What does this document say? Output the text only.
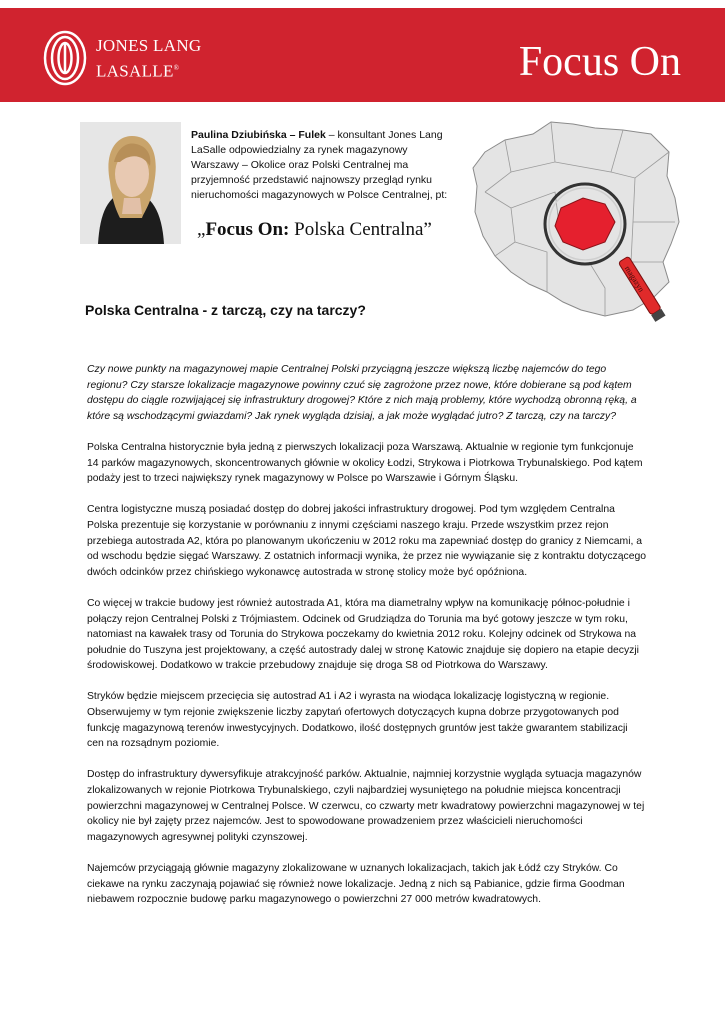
JONES LANG
LASALLE®	Focus On
Paulina Dziubińska – Fulek – konsultant Jones Lang LaSalle odpowiedzialny za rynek magazynowy Warszawy – Okolice oraz Polski Centralnej ma przyjemność przedstawić najnowszy przegląd rynku nieruchomości magazynowych w Polsce Centralnej, pt:
„Focus On: Polska Centralna”
magazyn
Polska Centralna - z tarczą, czy na tarczy?

Czy nowe punkty na magazynowej mapie Centralnej Polski przyciągną jeszcze większą liczbę najemców do tego regionu? Czy starsze lokalizacje magazynowe powinny czuć się zagrożone przez nowe, które dobierane są pod kątem dostępu do ciągle rozwijającej się infrastruktury drogowej? Które z nich mają problemy, które wychodzą obronną ręką, a które są wschodzącymi gwiazdami? Jak rynek wygląda dzisiaj, a jak może wyglądać jutro? Z tarczą, czy na tarczy?

Polska Centralna historycznie była jedną z pierwszych lokalizacji poza Warszawą. Aktualnie w regionie tym funkcjonuje 14 parków magazynowych, skoncentrowanych głównie w okolicy Łodzi, Strykowa i Piotrkowa Trybunalskiego. Pod kątem podaży jest to trzeci największy rynek magazynowy w Polsce po Warszawie i Górnym Śląsku.

Centra logistyczne muszą posiadać dostęp do dobrej jakości infrastruktury drogowej. Pod tym względem Centralna Polska prezentuje się korzystanie w porównaniu z innymi częściami naszego kraju. Przede wszystkim przez rejon przebiega autostrada A2, która po planowanym ukończeniu w 2012 roku ma zapewniać dostęp do granicy z Niemcami, a od wschodu będzie sięgać Warszawy. Z ostatnich informacji wynika, że przez nie wywiązanie się z kontraktu dotyczącego dwóch odcinków przez chińskiego wykonawcę autostrada w stronę stolicy może być opóźniona.

Co więcej w trakcie budowy jest również autostrada A1, która ma diametralny wpływ na komunikację północ-południe i połączy rejon Centralnej Polski z Trójmiastem. Odcinek od Grudziądza do Torunia ma być gotowy jeszcze w tym roku, natomiast na kawałek trasy od Torunia do Strykowa poczekamy do kwietnia 2012 roku. Kolejny odcinek od Strykowa na południe do Tuszyna jest projektowany, a część autostrady dalej w stronę Katowic znajduje się dopiero na etapie decyzji środowiskowej. Dodatkowo w trakcie przebudowy znajduje się droga S8 od Piotrkowa do Warszawy.

Stryków będzie miejscem przecięcia się autostrad A1 i A2 i wyrasta na wiodąca lokalizację logistyczną w regionie. Obserwujemy w tym rejonie zwiększenie liczby zapytań ofertowych dotyczących kupna dobrze przygotowanych pod funkcję magazynową terenów inwestycyjnych. Dodatkowo, ilość dostępnych gruntów jest także gwarantem stabilizacji cen na rozsądnym poziomie.

Dostęp do infrastruktury dywersyfikuje atrakcyjność parków. Aktualnie, najmniej korzystnie wygląda sytuacja magazynów zlokalizowanych w rejonie Piotrkowa Trybunalskiego, czyli najbardziej wysuniętego na południe miejsca koncentracji powierzchni magazynowej w Centralnej Polsce. W czerwcu, co czwarty metr kwadratowy powierzchni magazynowej w tej okolicy nie był zajęty przez najemców. Jest to spowodowane prowadzeniem przez właścicieli nieruchomości magazynowych agresywnej polityki czynszowej.

Najemców przyciągają głównie magazyny zlokalizowane w uznanych lokalizacjach, takich jak Łódź czy Stryków. Co ciekawe na rynku zaczynają pojawiać się również nowe lokalizacje. Jedną z nich są Pabianice, gdzie firma Goodman niebawem rozpocznie budowę parku magazynowego o powierzchni 27 000 metrów kwadratowych.
